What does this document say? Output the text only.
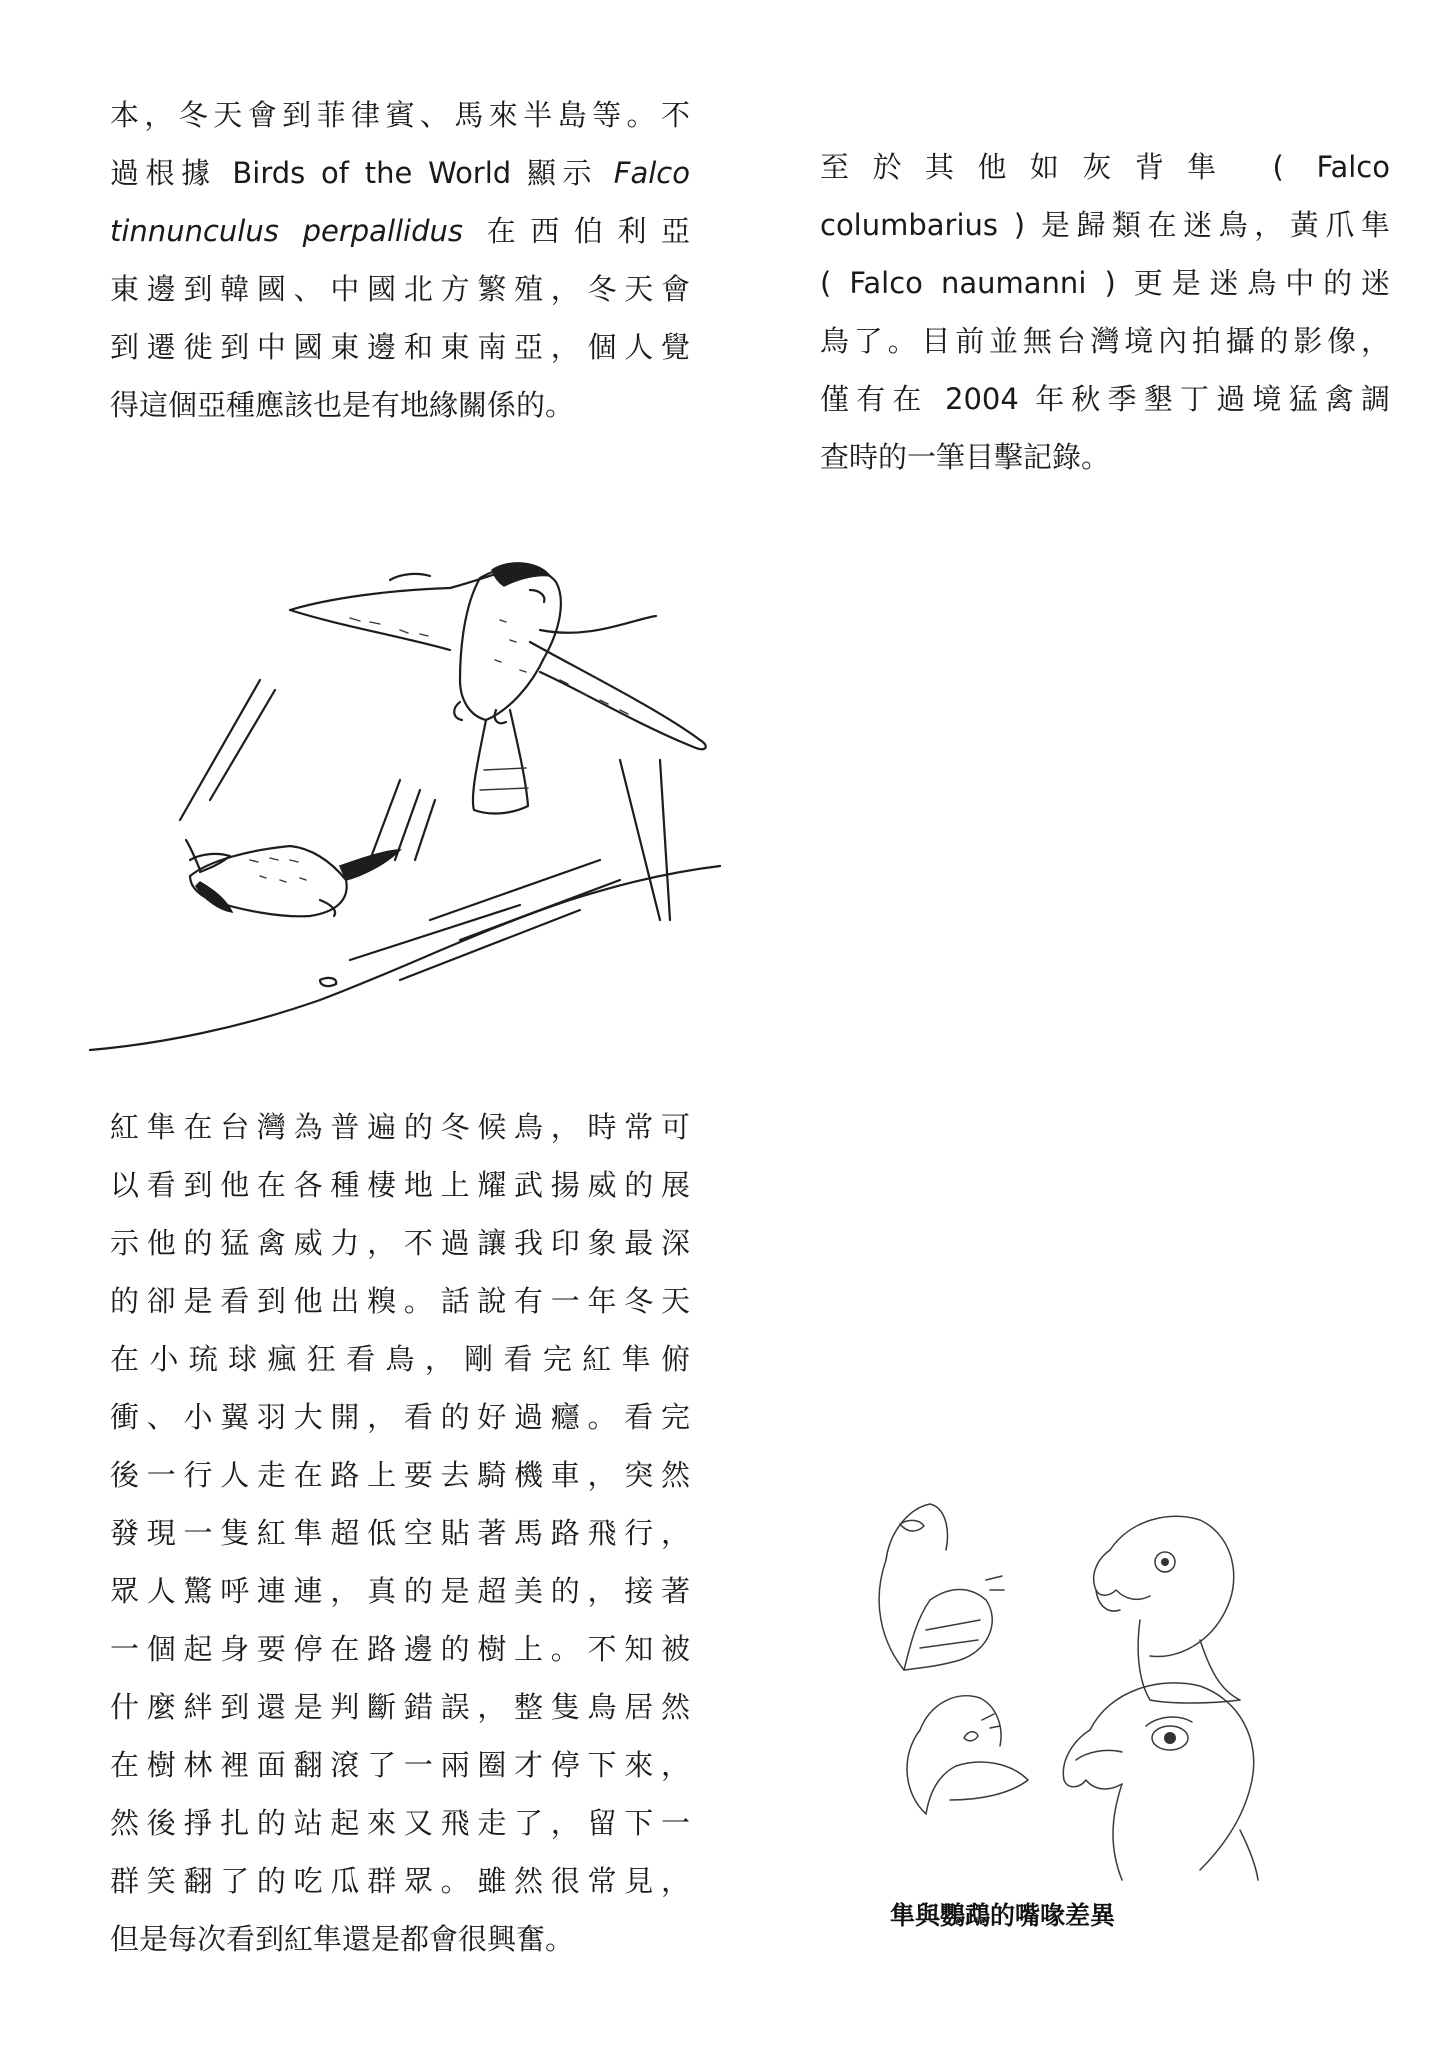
本，冬天會到菲律賓、馬來半島等。不
過根據 Birds of the World 顯示 Falco
tinnunculus perpallidus 在西伯利亞
東邊到韓國、中國北方繁殖，冬天會
到遷徙到中國東邊和東南亞，個人覺
得這個亞種應該也是有地緣關係的。
至於其他如灰背隼 ( Falco
columbarius ) 是歸類在迷鳥，黃爪隼
( Falco naumanni ) 更是迷鳥中的迷
鳥了。目前並無台灣境內拍攝的影像，
僅有在 2004 年秋季墾丁過境猛禽調
查時的一筆目擊記錄。
紅隼在台灣為普遍的冬候鳥，時常可
以看到他在各種棲地上耀武揚威的展
示他的猛禽威力，不過讓我印象最深
的卻是看到他出糗。話說有一年冬天
在小琉球瘋狂看鳥，剛看完紅隼俯
衝、小翼羽大開，看的好過癮。看完
後一行人走在路上要去騎機車，突然
發現一隻紅隼超低空貼著馬路飛行，
眾人驚呼連連，真的是超美的，接著
一個起身要停在路邊的樹上。不知被
什麼絆到還是判斷錯誤，整隻鳥居然
在樹林裡面翻滾了一兩圈才停下來，
然後掙扎的站起來又飛走了，留下一
群笑翻了的吃瓜群眾。雖然很常見，
但是每次看到紅隼還是都會很興奮。
隼與鸚鵡的嘴喙差異
